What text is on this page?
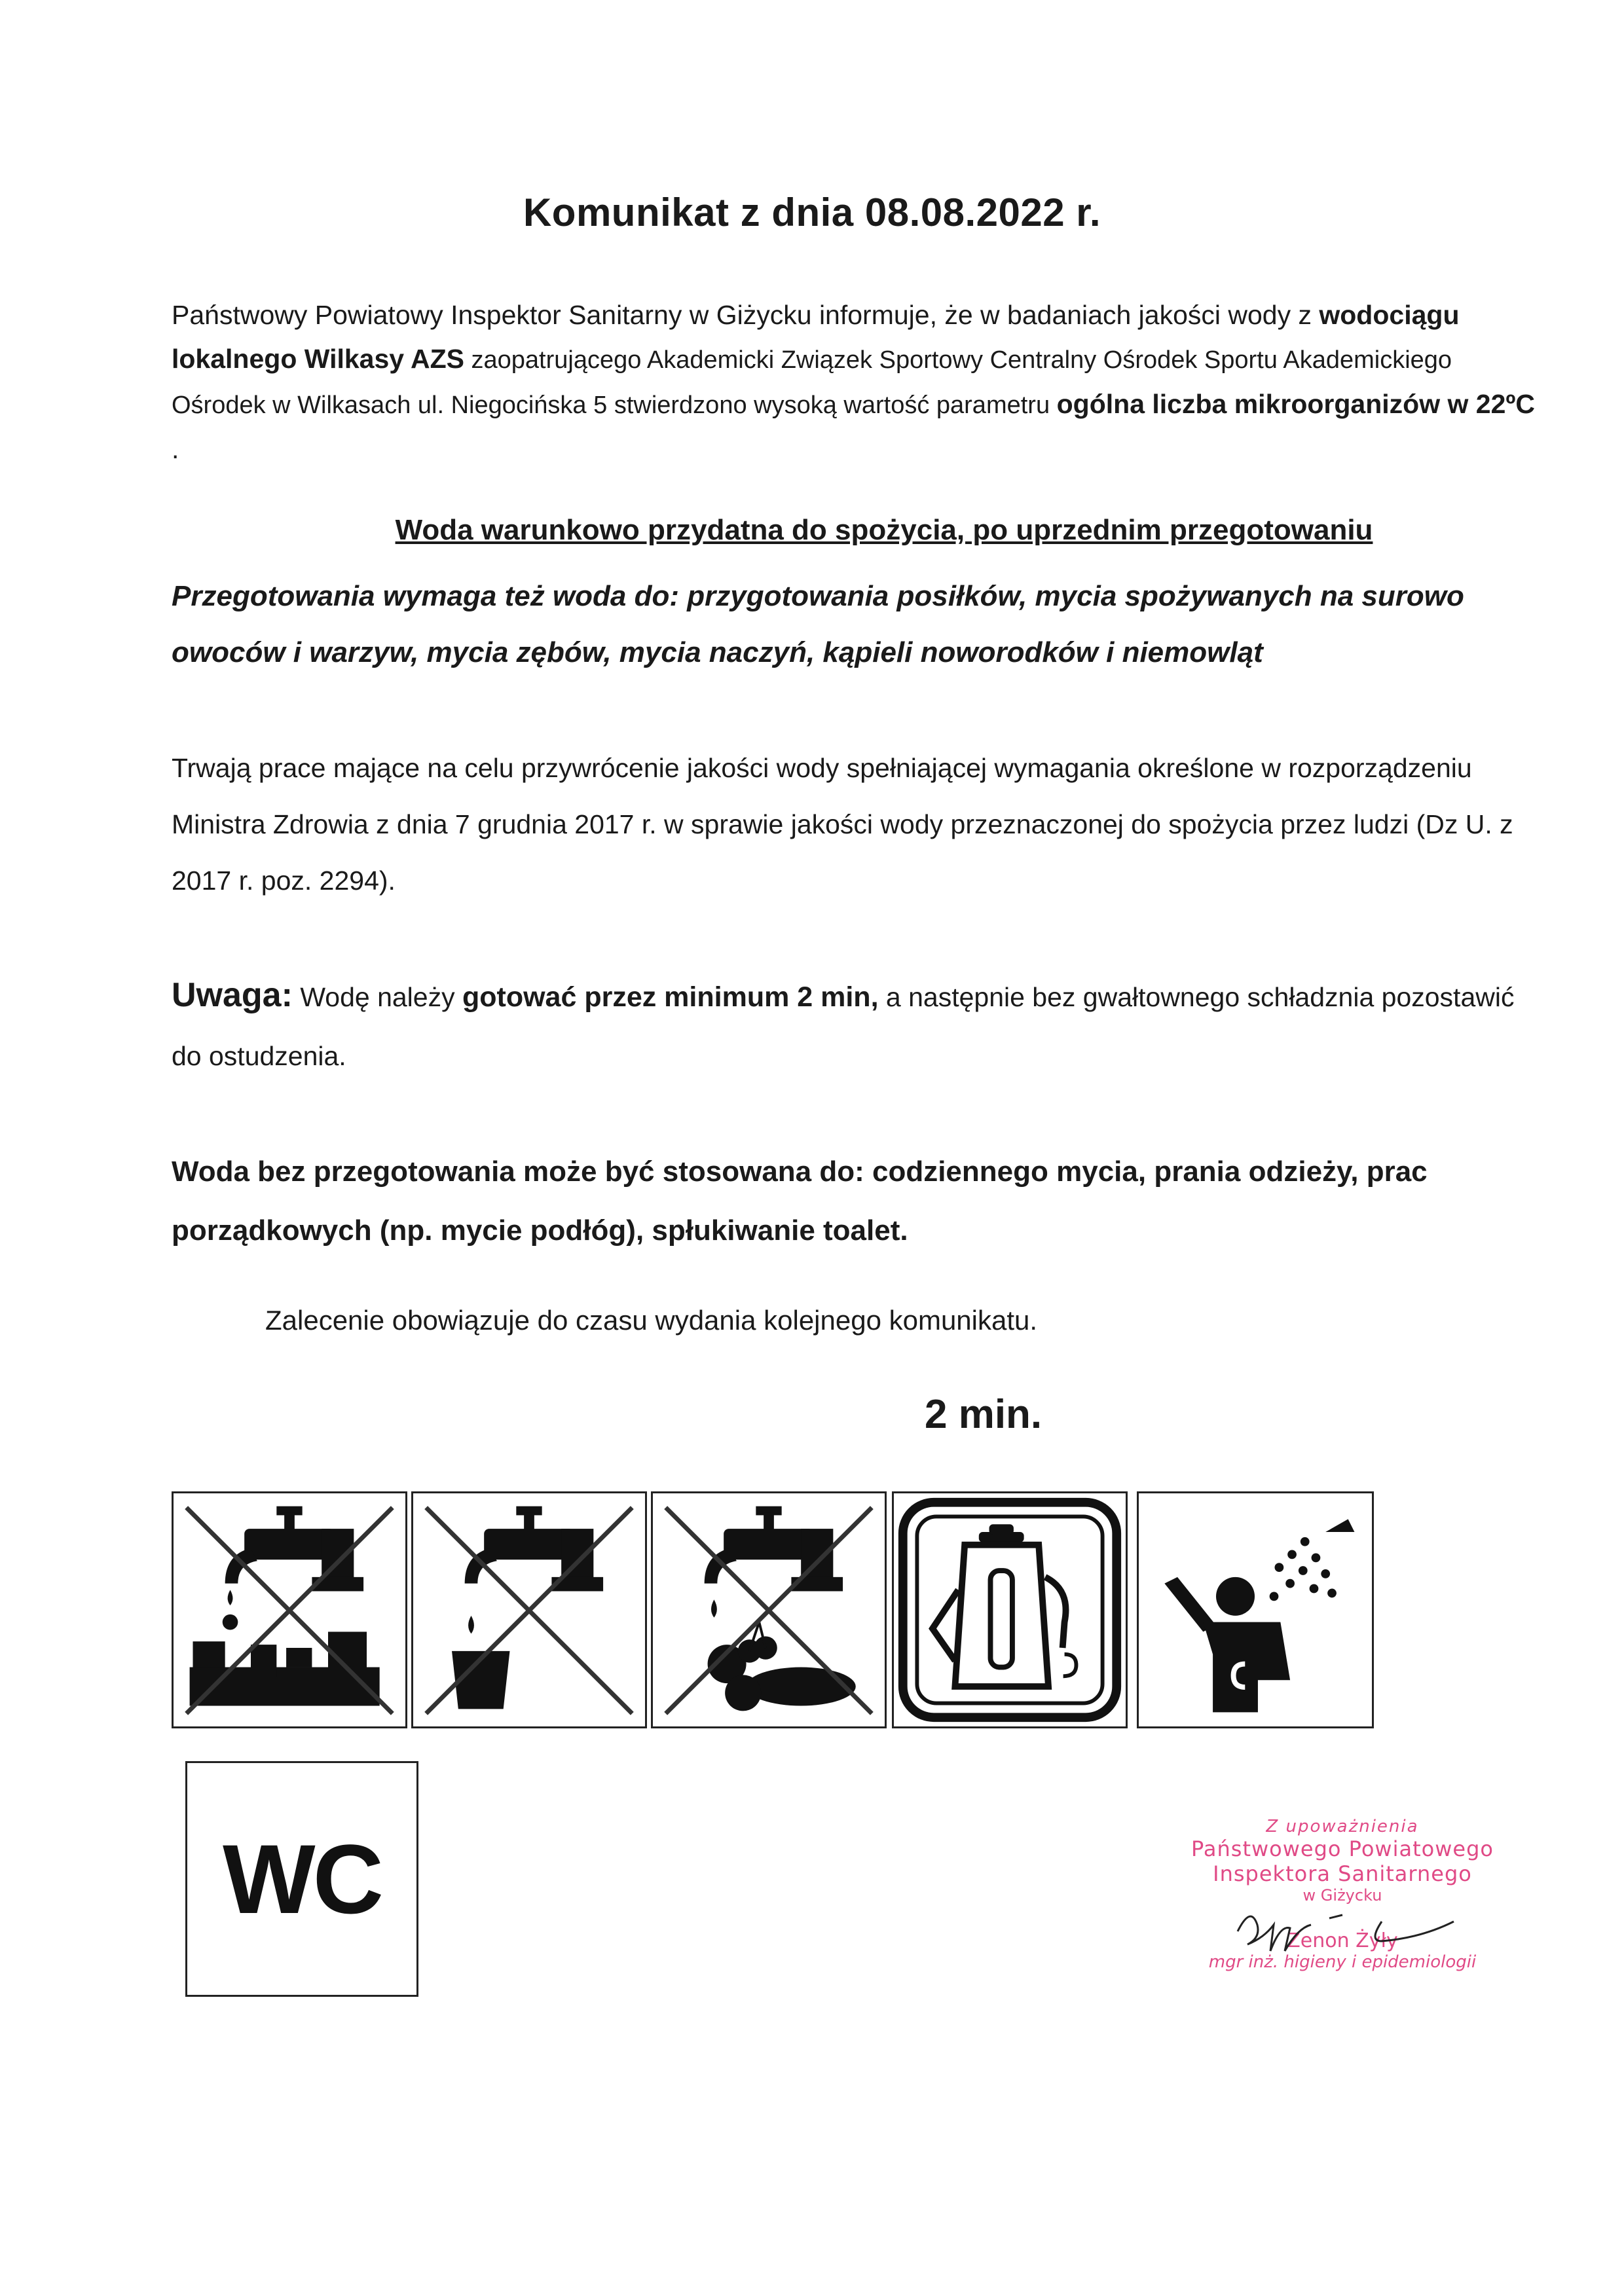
Komunikat z dnia 08.08.2022 r.
Państwowy Powiatowy Inspektor Sanitarny w Giżycku informuje, że w badaniach jakości wody z wodociągu lokalnego Wilkasy AZS zaopatrującego Akademicki Związek Sportowy Centralny Ośrodek Sportu Akademickiego Ośrodek w Wilkasach ul. Niegocińska 5 stwierdzono wysoką wartość parametru ogólna liczba mikroorganizów w 22ºC .
Woda warunkowo przydatna do spożycia, po uprzednim przegotowaniu
Przegotowania wymaga też woda do: przygotowania posiłków, mycia spożywanych na surowo owoców i warzyw, mycia zębów, mycia naczyń, kąpieli noworodków i niemowląt
Trwają prace mające na celu przywrócenie jakości wody spełniającej wymagania określone w rozporządzeniu Ministra Zdrowia z dnia 7 grudnia 2017 r. w sprawie jakości wody przeznaczonej do spożycia przez ludzi (Dz U. z 2017 r. poz. 2294).
Uwaga: Wodę należy gotować przez minimum 2 min, a następnie bez gwałtownego schładznia pozostawić do ostudzenia.
Woda bez przegotowania może być stosowana do: codziennego mycia, prania odzieży, prac porządkowych (np. mycie podłóg), spłukiwanie toalet.
Zalecenie obowiązuje do czasu wydania kolejnego komunikatu.
2 min.
WC	Z upoważnienia
Państwowego Powiatowego
Inspektora Sanitarnego
w Giżycku
Zenon Żyły
mgr inż. higieny i epidemiologii
